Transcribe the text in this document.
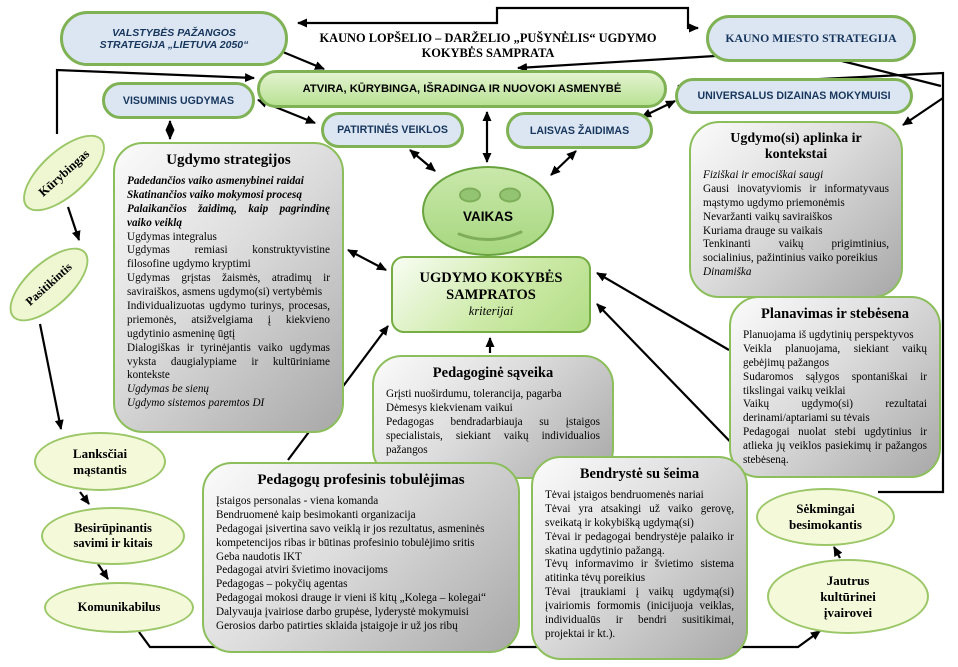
VALSTYBĖS PAŽANGOS STRATEGIJA „LIETUVA 2050“	KAUNO LOPŠELIO – DARŽELIO „PUŠYNĖLIS“ UGDYMO KOKYBĖS SAMPRATA
KAUNO MIESTO STRATEGIJA
ATVIRA, KŪRYBINGA, IŠRADINGA IR NUOVOKI ASMENYBĖ
VISUMINIS UGDYMAS	UNIVERSALUS DIZAINAS MOKYMUISI
PATIRTINĖS VEIKLOS	LAISVAS ŽAIDIMAS
VAIKAS
UGDYMO KOKYBĖS SAMPRATOS
kriterijai
Kūrybingas
Pasitikintis
Ugdymo strategijos
Padedančios vaiko asmenybinei raidai
Skatinančios vaiko mokymosi procesą
Palaikančios žaidimą, kaip pagrindinę vaiko veiklą
Ugdymas integralus
Ugdymas remiasi konstruktyvistine filosofine ugdymo kryptimi
Ugdymas grįstas žaismės, atradimų ir saviraiškos, asmens ugdymo(si) vertybėmis
Individualizuotas ugdymo turinys, procesas, priemonės, atsižvelgiama į kiekvieno ugdytinio asmeninę ūgtį
Dialogiškas ir tyrinėjantis vaiko ugdymas vyksta daugialypiame ir kultūriniame kontekste
Ugdymas be sienų
Ugdymo sistemos paremtos DI
Ugdymo(si) aplinka ir kontekstai
Fiziškai ir emociškai saugi
Gausi inovatyviomis ir informatyvaus mąstymo ugdymo priemonėmis
Nevaržanti vaikų saviraiškos
Kuriama drauge su vaikais
Tenkinanti vaikų prigimtinius, socialinius, pažintinius vaiko poreikius
Dinamiška
Planavimas ir stebėsena
Planuojama iš ugdytinių perspektyvos
Veikla planuojama, siekiant vaikų gebėjimų pažangos
Sudaromos sąlygos spontaniškai ir tikslingai vaikų veiklai
Vaikų ugdymo(si) rezultatai derinami/aptariami su tėvais
Pedagogai nuolat stebi ugdytinius ir atlieka jų veiklos pasiekimų ir pažangos stebėseną.
Pedagoginė sąveika
Grįsti nuoširdumu, tolerancija, pagarba
Dėmesys kiekvienam vaikui
Pedagogas bendradarbiauja su įstaigos specialistais, siekiant vaikų individualios pažangos
Pedagogų profesinis tobulėjimas
Įstaigos personalas - viena komanda
Bendruomenė kaip besimokanti organizacija
Pedagogai įsivertina savo veiklą ir jos rezultatus, asmeninės kompetencijos ribas ir būtinas profesinio tobulėjimo sritis
Geba naudotis IKT
Pedagogai atviri švietimo inovacijoms
Pedagogas – pokyčių agentas
Pedagogai mokosi drauge ir vieni iš kitų „Kolega – kolegai“
Dalyvauja įvairiose darbo grupėse, lyderystė mokymuisi
Gerosios darbo patirties sklaida įstaigoje ir už jos ribų
Bendrystė su šeima
Tėvai įstaigos bendruomenės nariai
Tėvai yra atsakingi už vaiko gerovę, sveikatą ir kokybišką ugdymą(si)
Tėvai ir pedagogai bendrystėje palaiko ir skatina ugdytinio pažangą.
Tėvų informavimo ir švietimo sistema atitinka tėvų poreikius
Tėvai įtraukiami į vaikų ugdymą(si) įvairiomis formomis (inicijuoja veiklas, individualūs ir bendri susitikimai, projektai ir kt.).
Lanksčiai mąstantis
Besirūpinantis savimi ir kitais
Komunikabilus
Sėkmingai besimokantis
Jautrus kultūrinei įvairovei
